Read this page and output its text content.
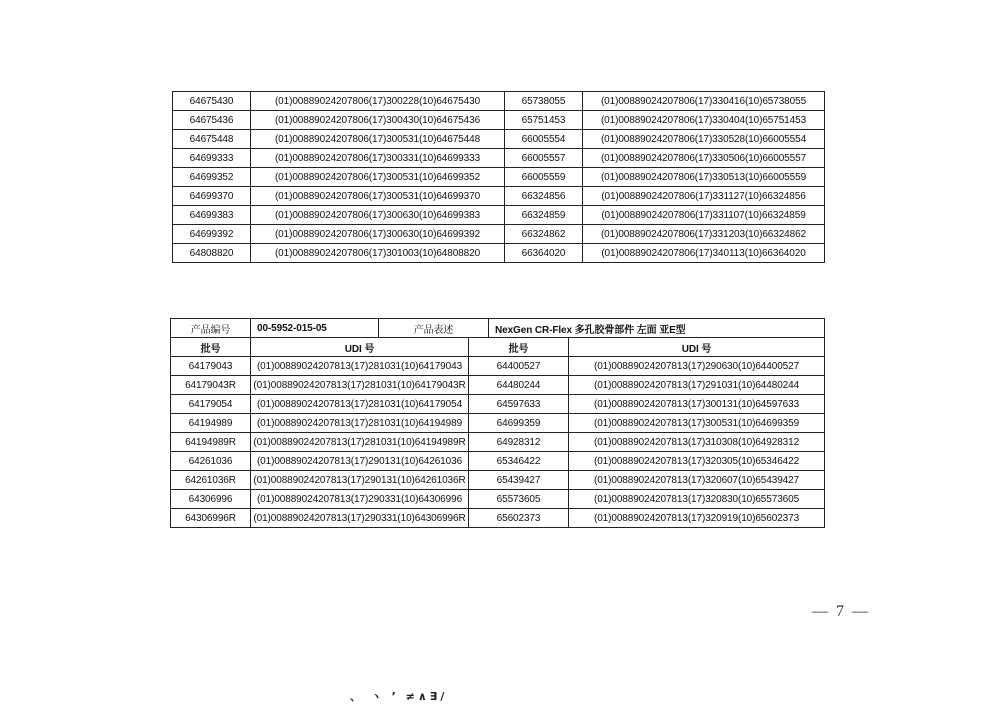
64675430	(01)00889024207806(17)300228(10)64675430	65738055	(01)00889024207806(17)330416(10)65738055
64675436	(01)00889024207806(17)300430(10)64675436	65751453	(01)00889024207806(17)330404(10)65751453
64675448	(01)00889024207806(17)300531(10)64675448	66005554	(01)00889024207806(17)330528(10)66005554
64699333	(01)00889024207806(17)300331(10)64699333	66005557	(01)00889024207806(17)330506(10)66005557
64699352	(01)00889024207806(17)300531(10)64699352	66005559	(01)00889024207806(17)330513(10)66005559
64699370	(01)00889024207806(17)300531(10)64699370	66324856	(01)00889024207806(17)331127(10)66324856
64699383	(01)00889024207806(17)300630(10)64699383	66324859	(01)00889024207806(17)331107(10)66324859
64699392	(01)00889024207806(17)300630(10)64699392	66324862	(01)00889024207806(17)331203(10)66324862
64808820	(01)00889024207806(17)301003(10)64808820	66364020	(01)00889024207806(17)340113(10)66364020
产品编号	00-5952-015-05	产品表述		NexGen CR-Flex 多孔胶骨部件 左面 亚E型	
批号	UDI 号		批号		UDI 号
64179043	(01)00889024207813(17)281031(10)64179043		64400527		(01)00889024207813(17)290630(10)64400527
64179043R	(01)00889024207813(17)281031(10)64179043R		64480244		(01)00889024207813(17)291031(10)64480244
64179054	(01)00889024207813(17)281031(10)64179054		64597633		(01)00889024207813(17)300131(10)64597633
64194989	(01)00889024207813(17)281031(10)64194989		64699359		(01)00889024207813(17)300531(10)64699359
64194989R	(01)00889024207813(17)281031(10)64194989R		64928312		(01)00889024207813(17)310308(10)64928312
64261036	(01)00889024207813(17)290131(10)64261036		65346422		(01)00889024207813(17)320305(10)65346422
64261036R	(01)00889024207813(17)290131(10)64261036R		65439427		(01)00889024207813(17)320607(10)65439427
64306996	(01)00889024207813(17)290331(10)64306996		65573605		(01)00889024207813(17)320830(10)65573605
64306996R	(01)00889024207813(17)290331(10)64306996R		65602373		(01)00889024207813(17)320919(10)65602373
— 7 —
、 ヽ ’ ≠∧∃/
